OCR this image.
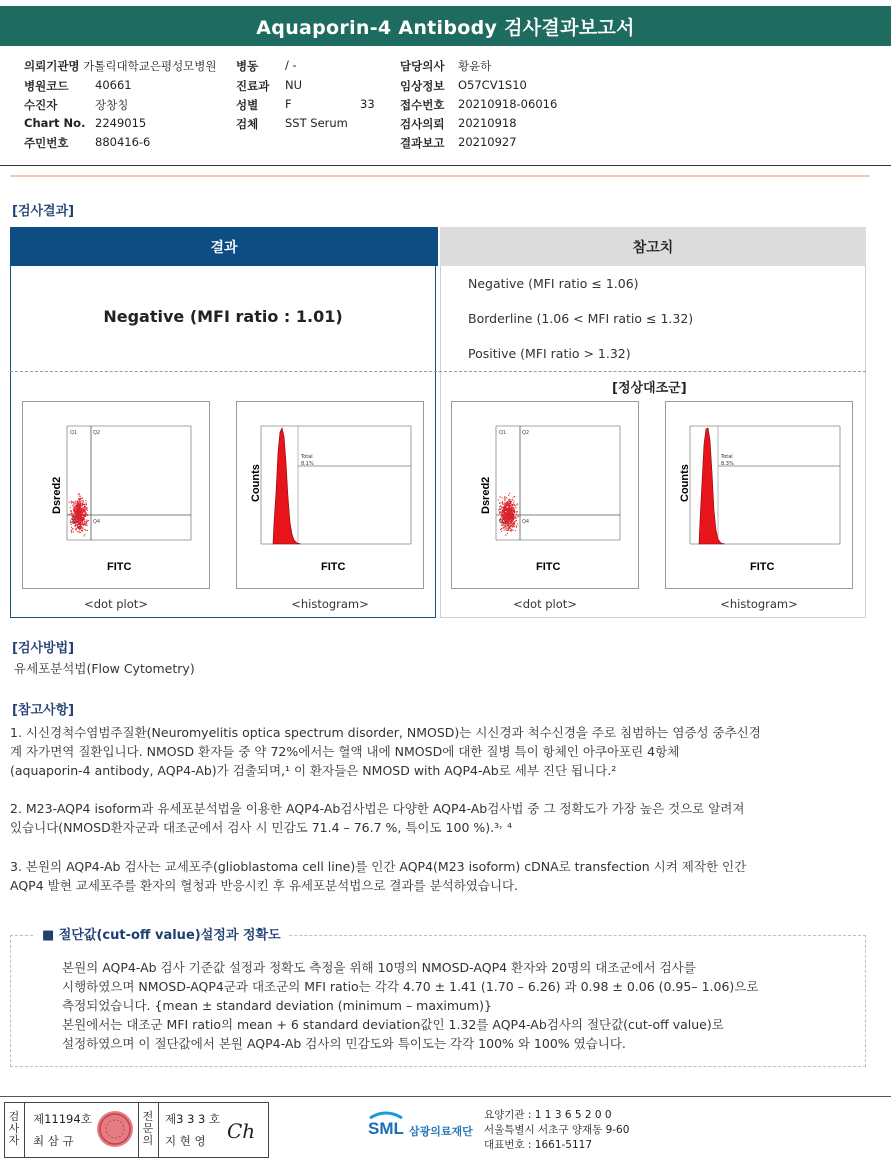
Aquaporin-4 Antibody 검사결과보고서
의뢰기관명 가톨릭대학교은평성모병원
병원코드 40661
수진자	장창칭
Chart No. 2249015
주민번호 880416-6
병동 / -
진료과 NU
성별 F	33
검체 SST Serum
담당의사 황윤하
임상정보 O57CV1S10
접수번호 20210918-06016
검사의뢰 20210918
결과보고 20210927
[검사결과]
결과	참고치
Negative (MFI ratio : 1.01)
Negative (MFI ratio ≤ 1.06)
Borderline (1.06 < MFI ratio ≤ 1.32)
Positive (MFI ratio > 1.32)
[정상대조군]
Dsred2
FITC
Q1	Q2
Q3	Q4
<dot plot>
Total
8.1%
Counts
FITC
<histogram>
Dsred2
FITC
Q1	Q2
Q3	Q4
<dot plot>
Total
8.3%
Counts
FITC
<histogram>
[검사방법]
유세포분석법(Flow Cytometry)
[참고사항]
1. 시신경척수염범주질환(Neuromyelitis optica spectrum disorder, NMOSD)는 시신경과 척수신경을 주로 침범하는 염증성 중추신경
계 자가면역 질환입니다. NMOSD 환자들 중 약 72%에서는 혈액 내에 NMOSD에 대한 질병 특이 항체인 아쿠아포린 4항체
(aquaporin-4 antibody, AQP4-Ab)가 검출되며,¹ 이 환자들은 NMOSD with AQP4-Ab로 세부 진단 됩니다.²
2. M23-AQP4 isoform과 유세포분석법을 이용한 AQP4-Ab검사법은 다양한 AQP4-Ab검사법 중 그 정확도가 가장 높은 것으로 알려져
있습니다(NMOSD환자군과 대조군에서 검사 시 민감도 71.4 – 76.7 %, 특이도 100 %).³˒ ⁴
3. 본원의 AQP4-Ab 검사는 교세포주(glioblastoma cell line)를 인간 AQP4(M23 isoform) cDNA로 transfection 시켜 제작한 인간
AQP4 발현 교세포주를 환자의 혈청과 반응시킨 후 유세포분석법으로 결과를 분석하였습니다.
■ 절단값(cut-off value)설정과 정확도
본원의 AQP4-Ab 검사 기준값 설정과 정확도 측정을 위해 10명의 NMOSD-AQP4 환자와 20명의 대조군에서 검사를
시행하였으며 NMOSD-AQP4군과 대조군의 MFI ratio는 각각 4.70 ± 1.41 (1.70 – 6.26) 과 0.98 ± 0.06 (0.95– 1.06)으로
측정되었습니다. {mean ± standard deviation (minimum – maximum)}
본원에서는 대조군 MFI ratio의 mean + 6 standard deviation값인 1.32를 AQP4-Ab검사의 절단값(cut-off value)로
설정하였으며 이 절단값에서 본원 AQP4-Ab 검사의 민감도와 특이도는 각각 100% 와 100% 였습니다.
검
사
자
제11194호
최 삼 규
전
문
의
제3 3 3 호
지 현 영 Ch	SML 삼광의료재단
요양기관 : 1 1 3 6 5 2 0 0
서울특별시 서초구 양재동 9-60
대표번호 : 1661-5117
